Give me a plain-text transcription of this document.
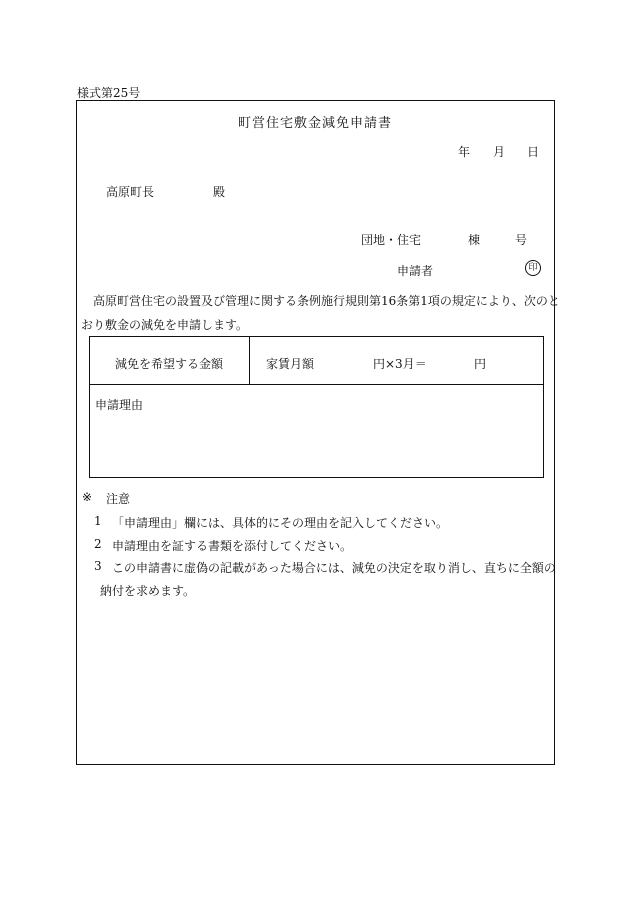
様式第25号
町営住宅敷金減免申請書
年 月 日
高原町長	殿
団地・住宅	棟	号
申請者	印
高原町営住宅の設置及び管理に関する条例施行規則第16条第1項の規定により、次のと
おり敷金の減免を申請します。
減免を希望する金額	家賃月額	円×3月＝	円
申請理由
※ 注意
1 「申請理由」欄には、具体的にその理由を記入してください。
2 申請理由を証する書類を添付してください。
3 この申請書に虚偽の記載があった場合には、減免の決定を取り消し、直ちに全額の
納付を求めます。
